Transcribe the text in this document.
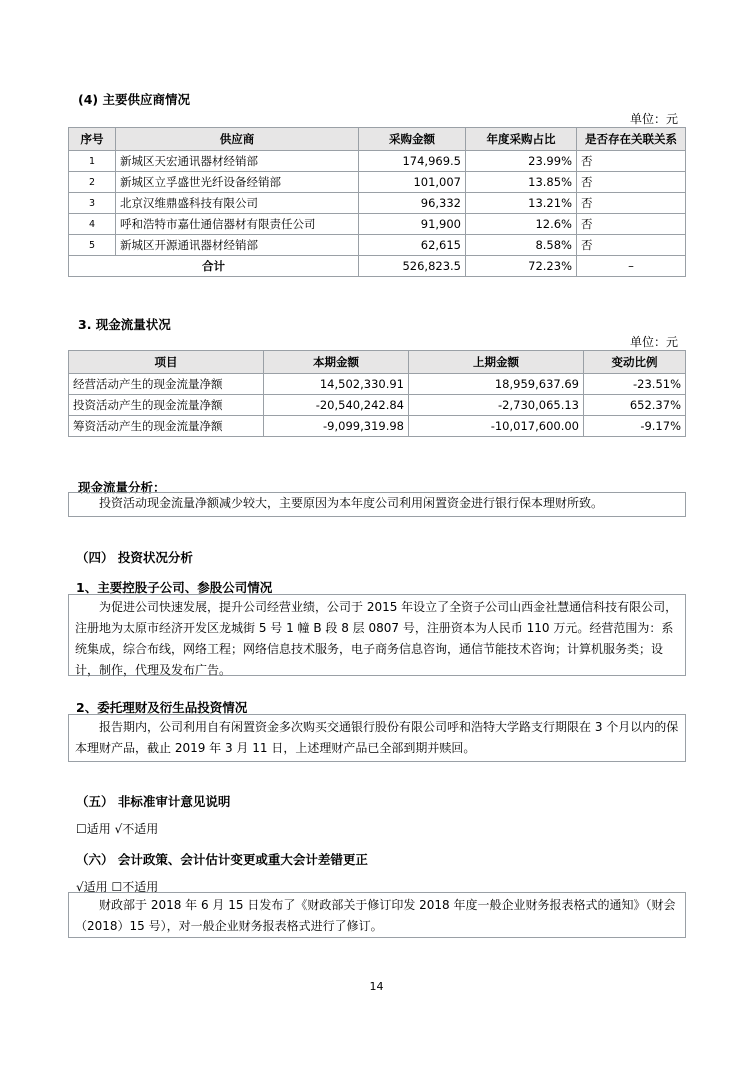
(4) 主要供应商情况
单位：元
序号	供应商	采购金额	年度采购占比	是否存在关联关系
1	新城区天宏通讯器材经销部	174,969.5	23.99%	否
2	新城区立孚盛世光纤设备经销部	101,007	13.85%	否
3	北京汉维鼎盛科技有限公司	96,332	13.21%	否
4	呼和浩特市嘉仕通信器材有限责任公司	91,900	12.6%	否
5	新城区开源通讯器材经销部	62,615	8.58%	否
合计		526,823.5	72.23%	–
3. 现金流量状况
单位：元
项目	本期金额	上期金额	变动比例
经营活动产生的现金流量净额	14,502,330.91	18,959,637.69	-23.51%
投资活动产生的现金流量净额	-20,540,242.84	-2,730,065.13	652.37%
筹资活动产生的现金流量净额	-9,099,319.98	-10,017,600.00	-9.17%
现金流量分析：
投资活动现金流量净额减少较大，主要原因为本年度公司利用闲置资金进行银行保本理财所致。
（四） 投资状况分析
1、主要控股子公司、参股公司情况
为促进公司快速发展，提升公司经营业绩，公司于 2015 年设立了全资子公司山西金社慧通信科技有限公司，注册地为太原市经济开发区龙城街 5 号 1 幢 B 段 8 层 0807 号，注册资本为人民币 110 万元。经营范围为：系统集成，综合布线，网络工程；网络信息技术服务，电子商务信息咨询，通信节能技术咨询；计算机服务类；设计，制作，代理及发布广告。
2、委托理财及衍生品投资情况
报告期内，公司利用自有闲置资金多次购买交通银行股份有限公司呼和浩特大学路支行期限在 3 个月以内的保本理财产品，截止 2019 年 3 月 11 日，上述理财产品已全部到期并赎回。
（五） 非标准审计意见说明
☐适用 √不适用
（六） 会计政策、会计估计变更或重大会计差错更正
√适用 ☐不适用
财政部于 2018 年 6 月 15 日发布了《财政部关于修订印发 2018 年度一般企业财务报表格式的通知》（财会（2018）15 号），对一般企业财务报表格式进行了修订。
14
